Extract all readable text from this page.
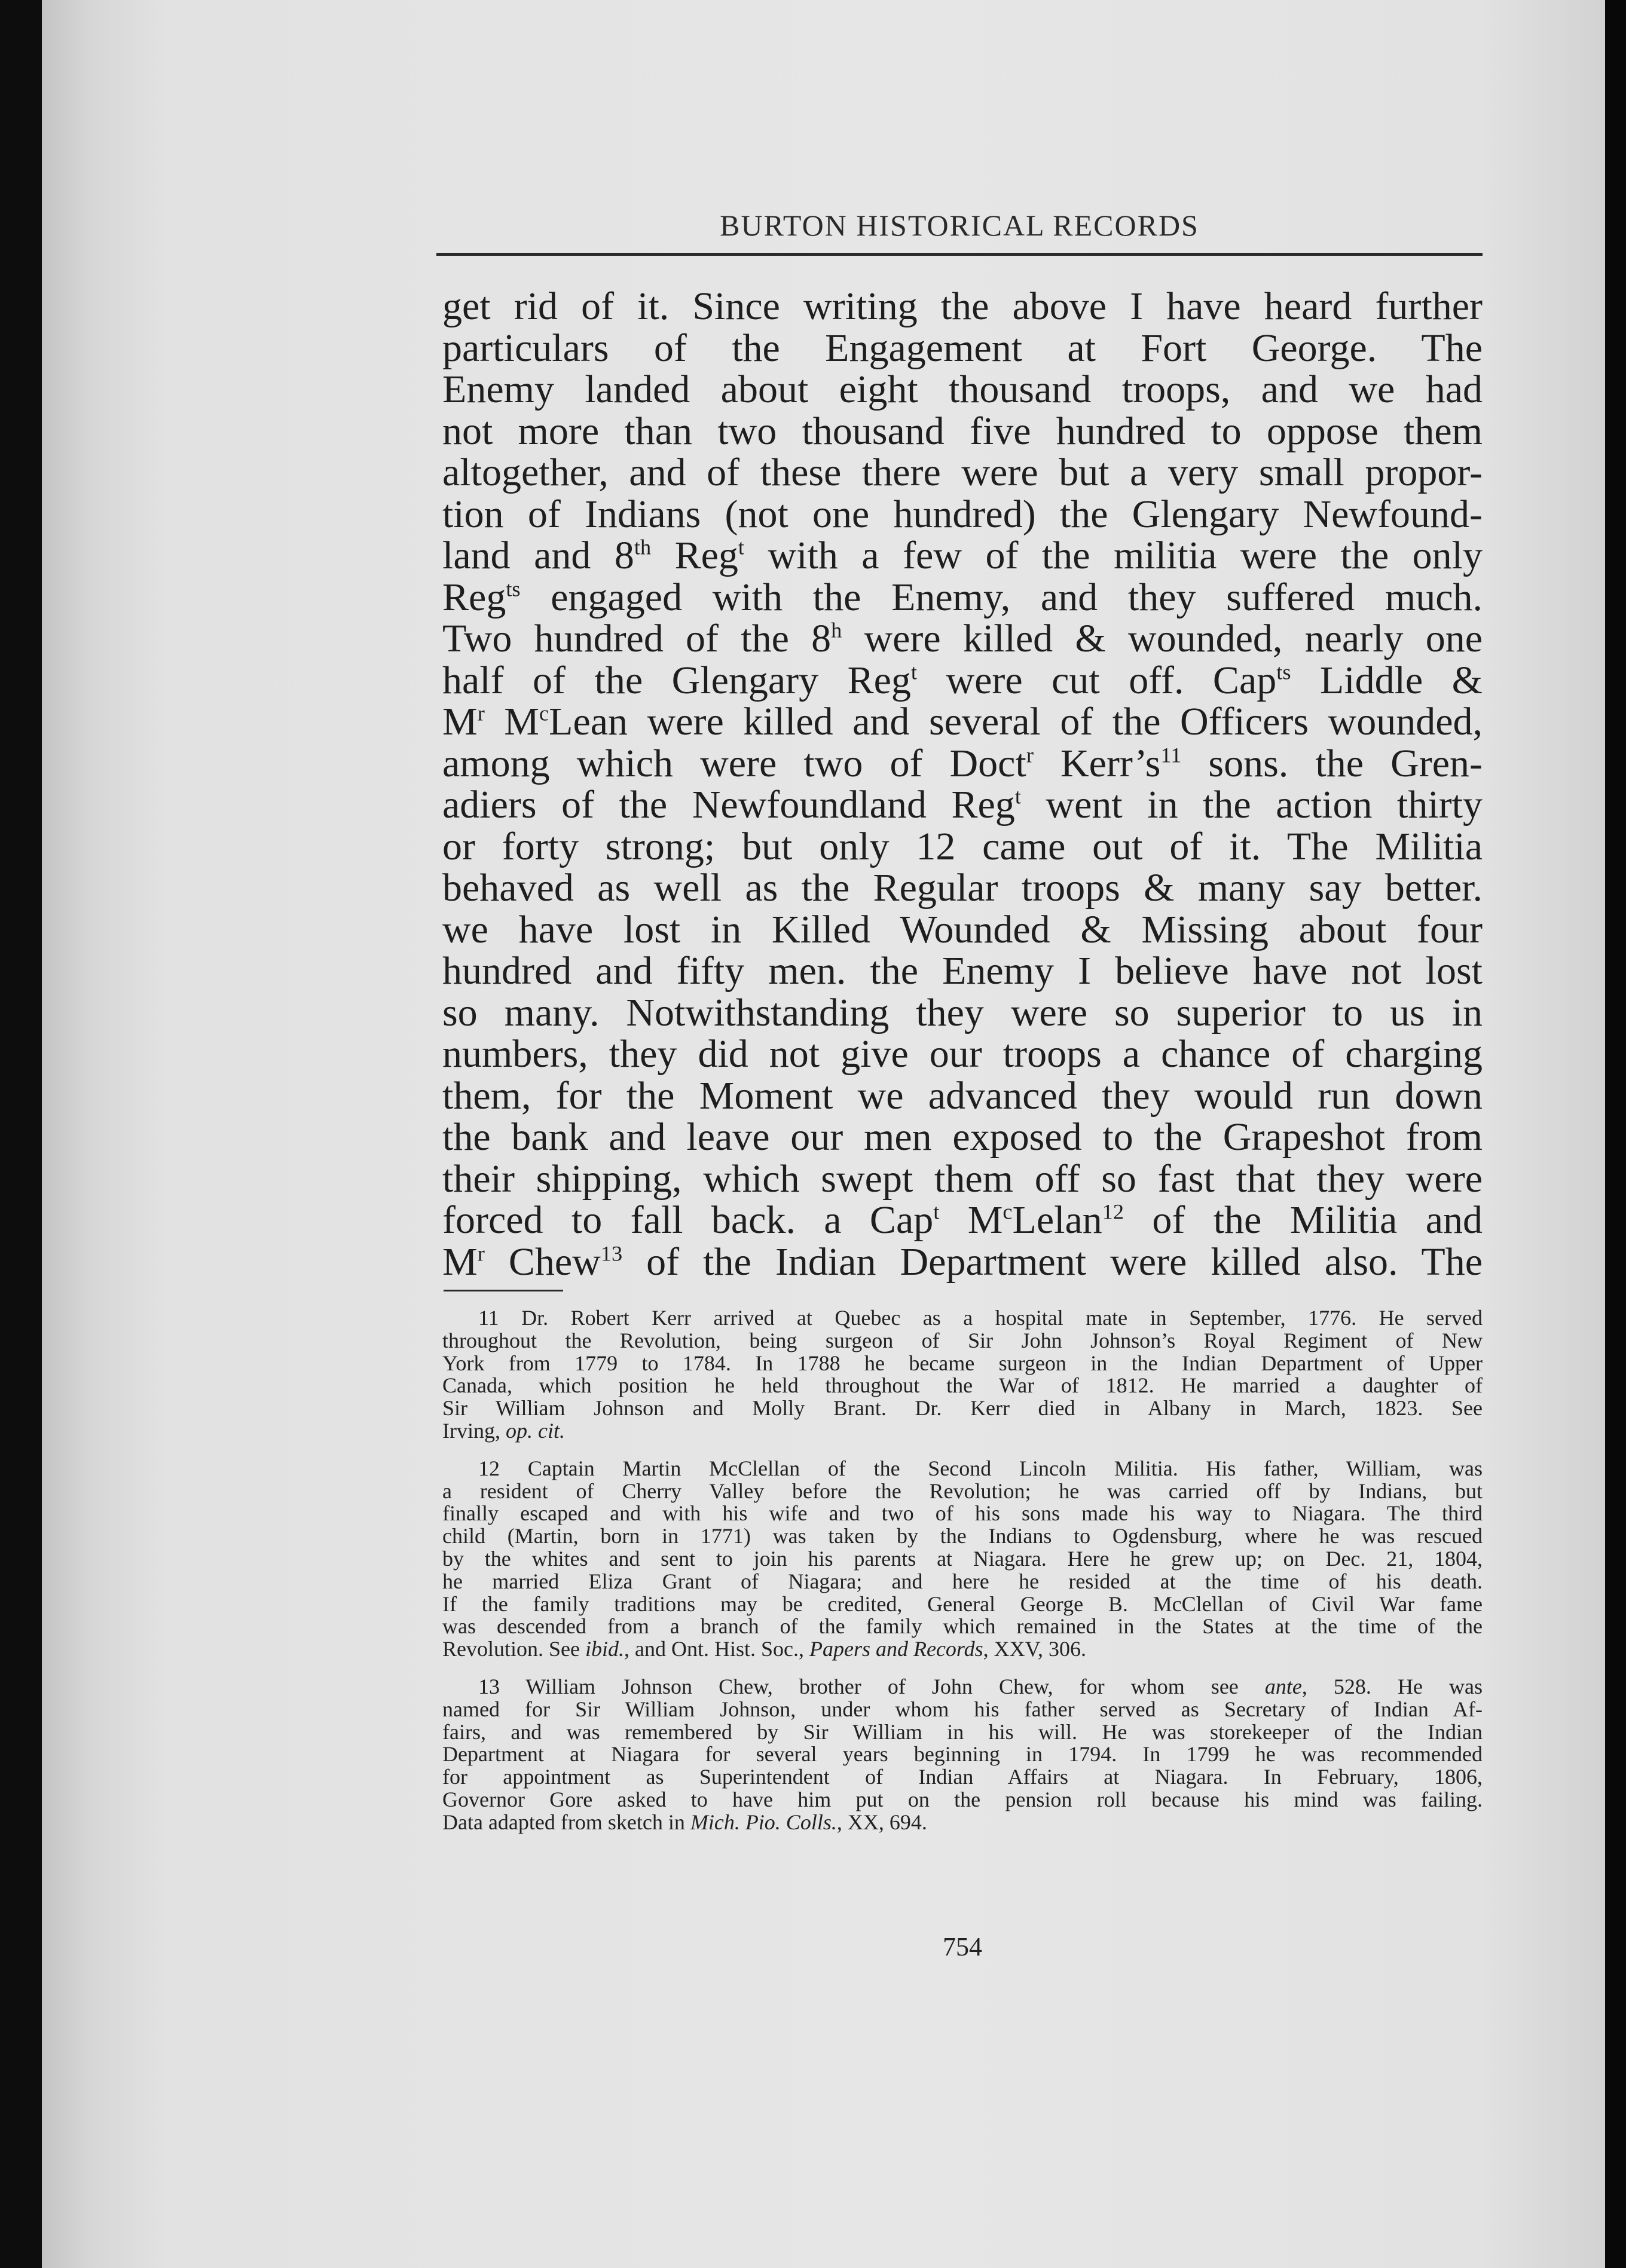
BURTON HISTORICAL RECORDS
get rid of it. Since writing the above I have heard further
particulars of the Engagement at Fort George. The
Enemy landed about eight thousand troops, and we had
not more than two thousand five hundred to oppose them
altogether, and of these there were but a very small propor-
tion of Indians (not one hundred) the Glengary Newfound-
land and 8th Reg$^t$ with a few of the militia were the only
Reg$^{ts}$ engaged with the Enemy, and they suffered much.
Two hundred of the 8$^h$ were killed & wounded, nearly one
half of the Glengary Reg$^t$ were cut off. Cap$^{ts}$ Liddle &
$M^r$ $M^cLean$ were killed and several of the Officers wounded,
among which were two of Doct$^r$ $Kerr’s^{11}$ sons. the Gren-
adiers of the Newfoundland Reg$^t$ went in the action thirty
or forty strong; but only 12 came out of it. The Militia
behaved as well as the Regular troops & many say better.
we have lost in Killed Wounded & Missing about four
hundred and fifty men. the Enemy I believe have not lost
so many. Notwithstanding they were so superior to us in
numbers, they did not give our troops a chance of charging
them, for the Moment we advanced they would run down
the bank and leave our men exposed to the Grapeshot from
their shipping, which swept them off so fast that they were
forced to fall back. a Cap$^t$ $M^cLelan^{12}$ of the Militia and
$M^r$ Chew$^{13}$ of the Indian Department were killed also. The
11 Dr. Robert Kerr arrived at Quebec as a hospital mate in September, 1776. He served
throughout the Revolution, being surgeon of Sir John Johnson’s Royal Regiment of New
York from 1779 to 1784. In 1788 he became surgeon in the Indian Department of Upper
Canada, which position he held throughout the War of 1812. He married a daughter of
Sir William Johnson and Molly Brant. Dr. Kerr died in Albany in March, 1823. See
Irving, op. cit.
12 Captain Martin McClellan of the Second Lincoln Militia. His father, William, was
a resident of Cherry Valley before the Revolution; he was carried off by Indians, but
finally escaped and with his wife and two of his sons made his way to Niagara. The third
child (Martin, born in 1771) was taken by the Indians to Ogdensburg, where he was rescued
by the whites and sent to join his parents at Niagara. Here he grew up; on Dec. 21, 1804,
he married Eliza Grant of Niagara; and here he resided at the time of his death.
If the family traditions may be credited, General George B. McClellan of Civil War fame
was descended from a branch of the family which remained in the States at the time of the
Revolution. See ibid., and Ont. Hist. Soc., Papers and Records, XXV, 306.
13 William Johnson Chew, brother of John Chew, for whom see ante, 528. He was
named for Sir William Johnson, under whom his father served as Secretary of Indian Af-
fairs, and was remembered by Sir William in his will. He was storekeeper of the Indian
Department at Niagara for several years beginning in 1794. In 1799 he was recommended
for appointment as Superintendent of Indian Affairs at Niagara. In February, 1806,
Governor Gore asked to have him put on the pension roll because his mind was failing.
Data adapted from sketch in Mich. Pio. Colls., XX, 694.
754
